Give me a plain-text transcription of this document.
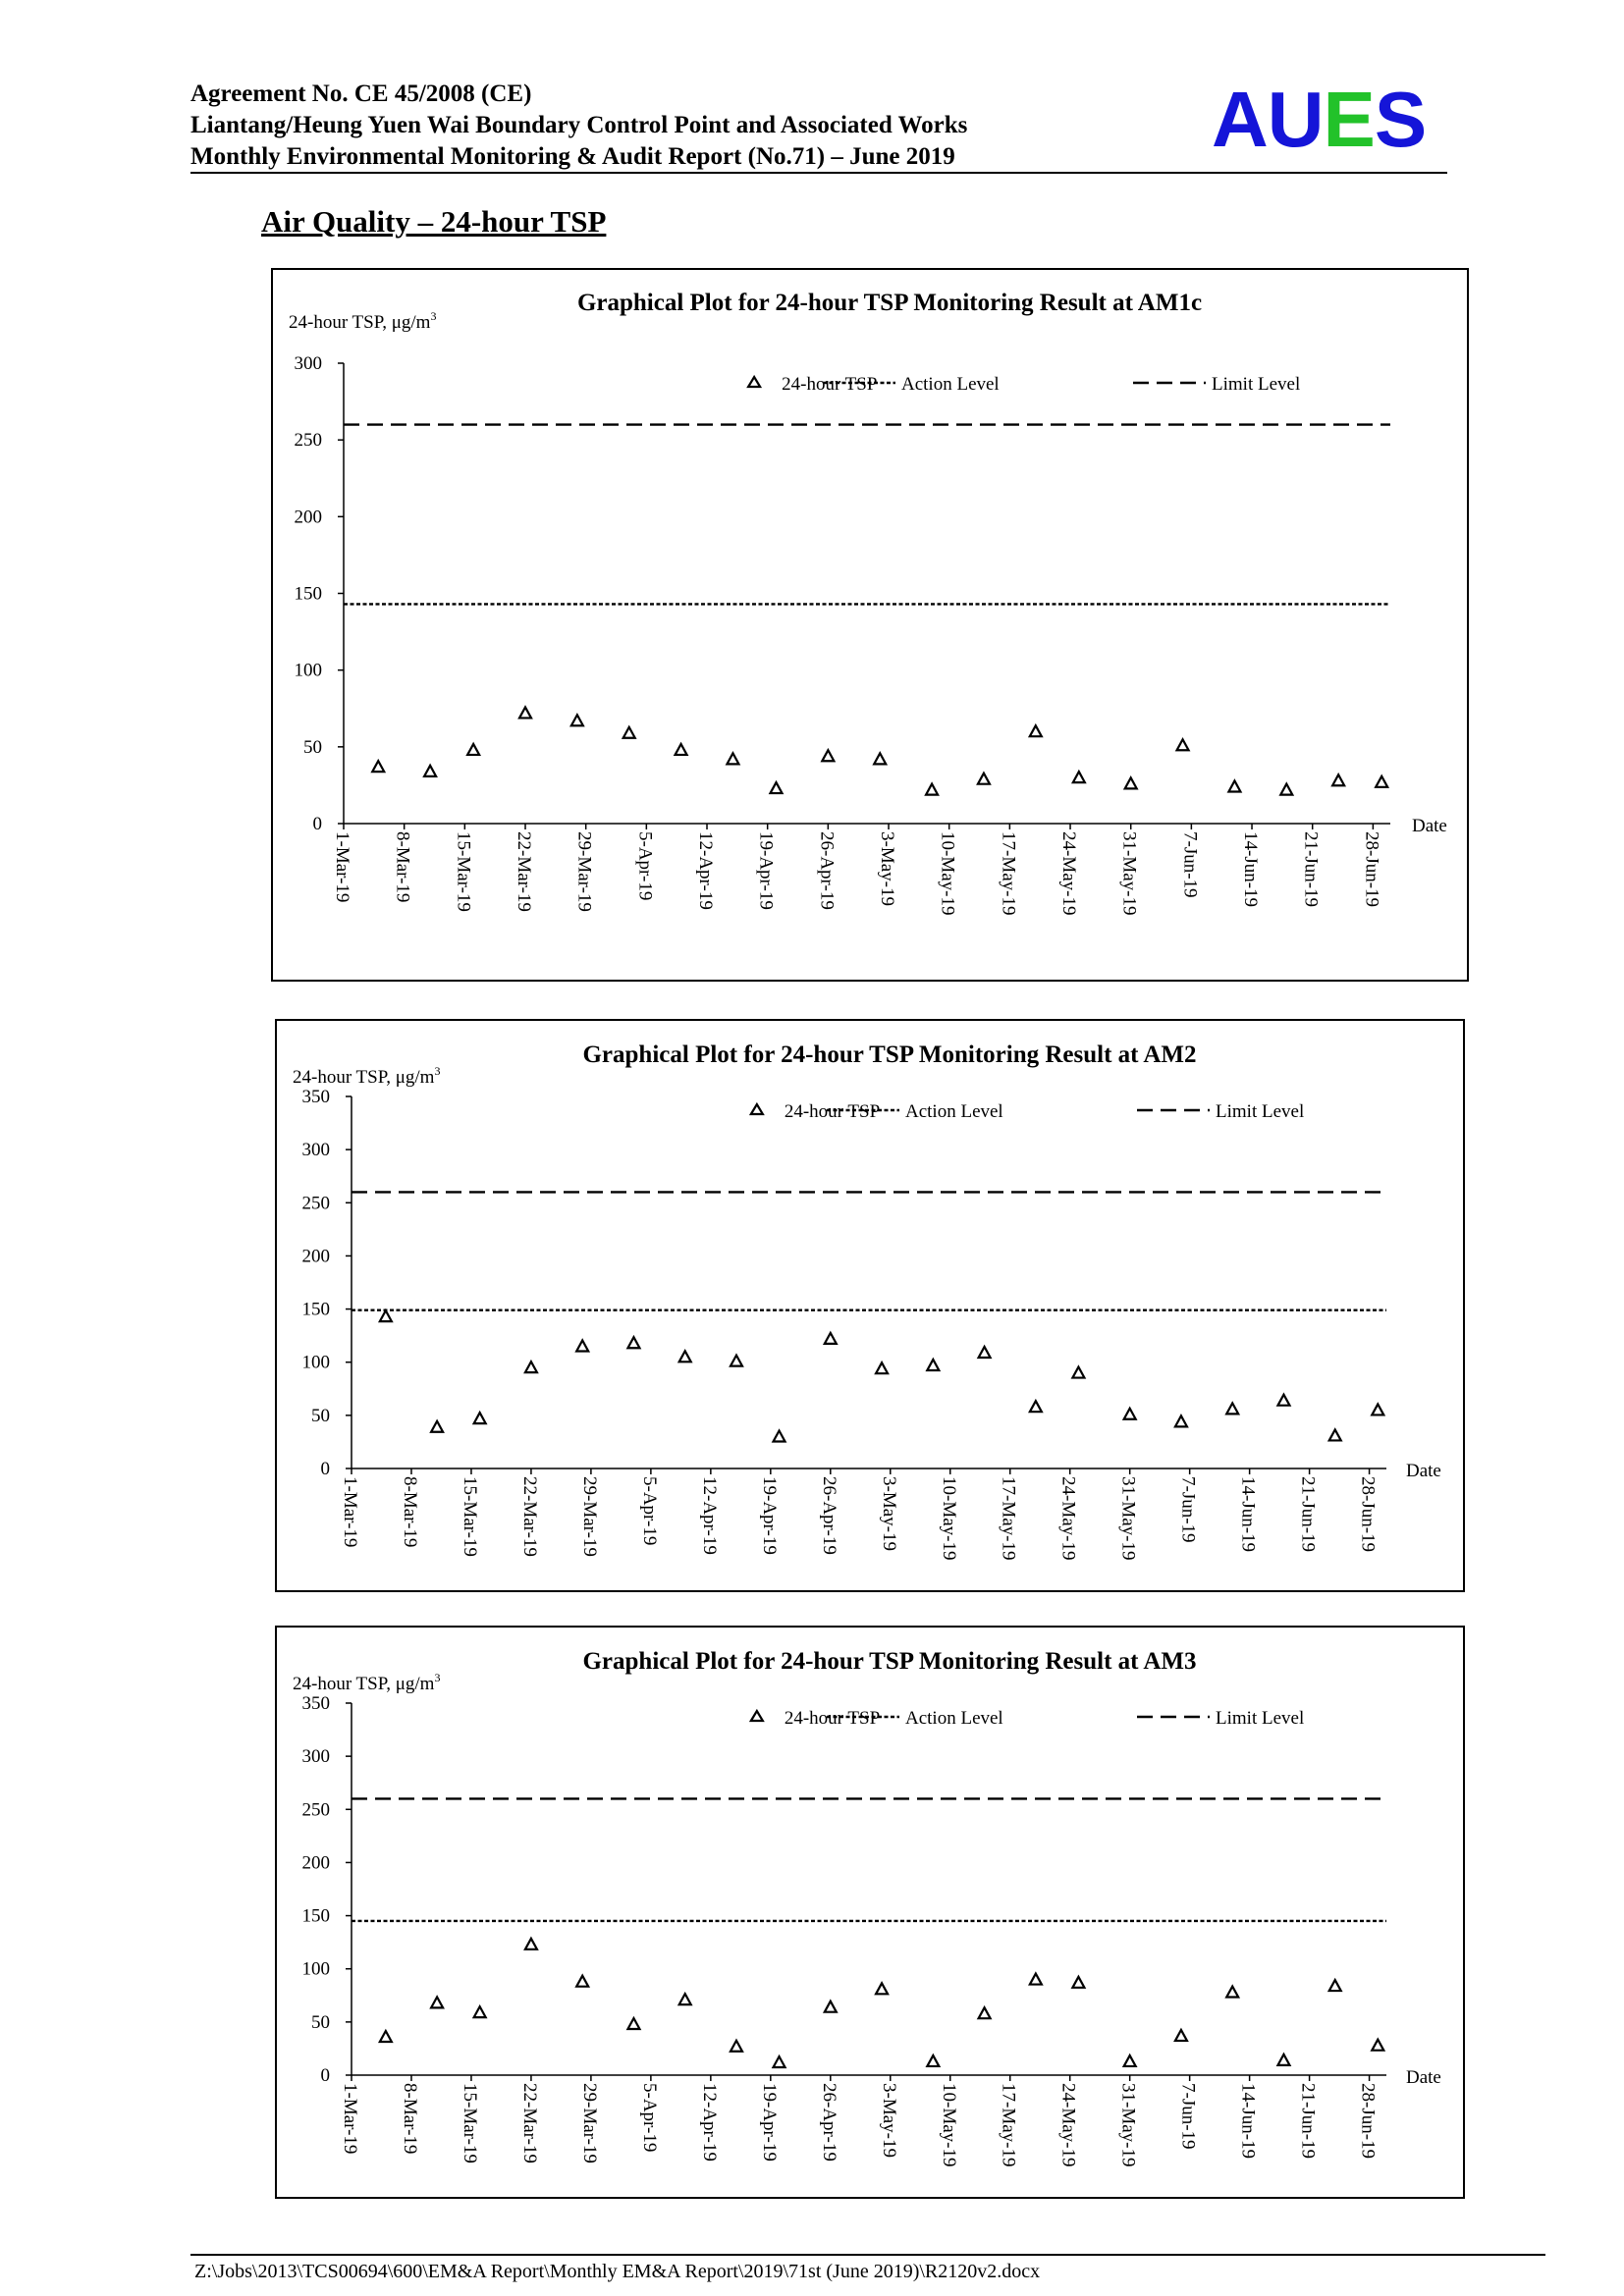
Agreement No. CE 45/2008 (CE)
Liantang/Heung Yuen Wai Boundary Control Point and Associated Works
Monthly Environmental Monitoring & Audit Report (No.71) – June 2019	AUES
Air Quality – 24-hour TSP
Graphical Plot for 24-hour TSP Monitoring Result at AM1c
24-hour TSP, $\mu g/m^3$
24-hour TSP Action Level	Limit Level
0
50
100
150
200
250
300
1-Mar-19 8-Mar-19 15-Mar-19 22-Mar-19 29-Mar-19 5-Apr-19 12-Apr-19 19-Apr-19 26-Apr-19 3-May-19 10-May-19 17-May-19 24-May-19 31-May-19 7-Jun-19 14-Jun-19 21-Jun-19 28-Jun-19
Date
Graphical Plot for 24-hour TSP Monitoring Result at AM2
24-hour TSP, $\mu g/m^3$
24-hour TSP Action Level	Limit Level
0
50
100
150
200
250
300
350
1-Mar-19 8-Mar-19 15-Mar-19 22-Mar-19 29-Mar-19 5-Apr-19 12-Apr-19 19-Apr-19 26-Apr-19 3-May-19 10-May-19 17-May-19 24-May-19 31-May-19 7-Jun-19 14-Jun-19 21-Jun-19 28-Jun-19
Date
Graphical Plot for 24-hour TSP Monitoring Result at AM3
24-hour TSP, $\mu g/m^3$
24-hour TSP Action Level	Limit Level
0
50
100
150
200
250
300
350
1-Mar-19 8-Mar-19 15-Mar-19 22-Mar-19 29-Mar-19 5-Apr-19 12-Apr-19 19-Apr-19 26-Apr-19 3-May-19 10-May-19 17-May-19 24-May-19 31-May-19 7-Jun-19 14-Jun-19 21-Jun-19 28-Jun-19
Date
Z:\Jobs\2013\TCS00694\600\EM&A Report\Monthly EM&A Report\2019\71st (June 2019)\R2120v2.docx
